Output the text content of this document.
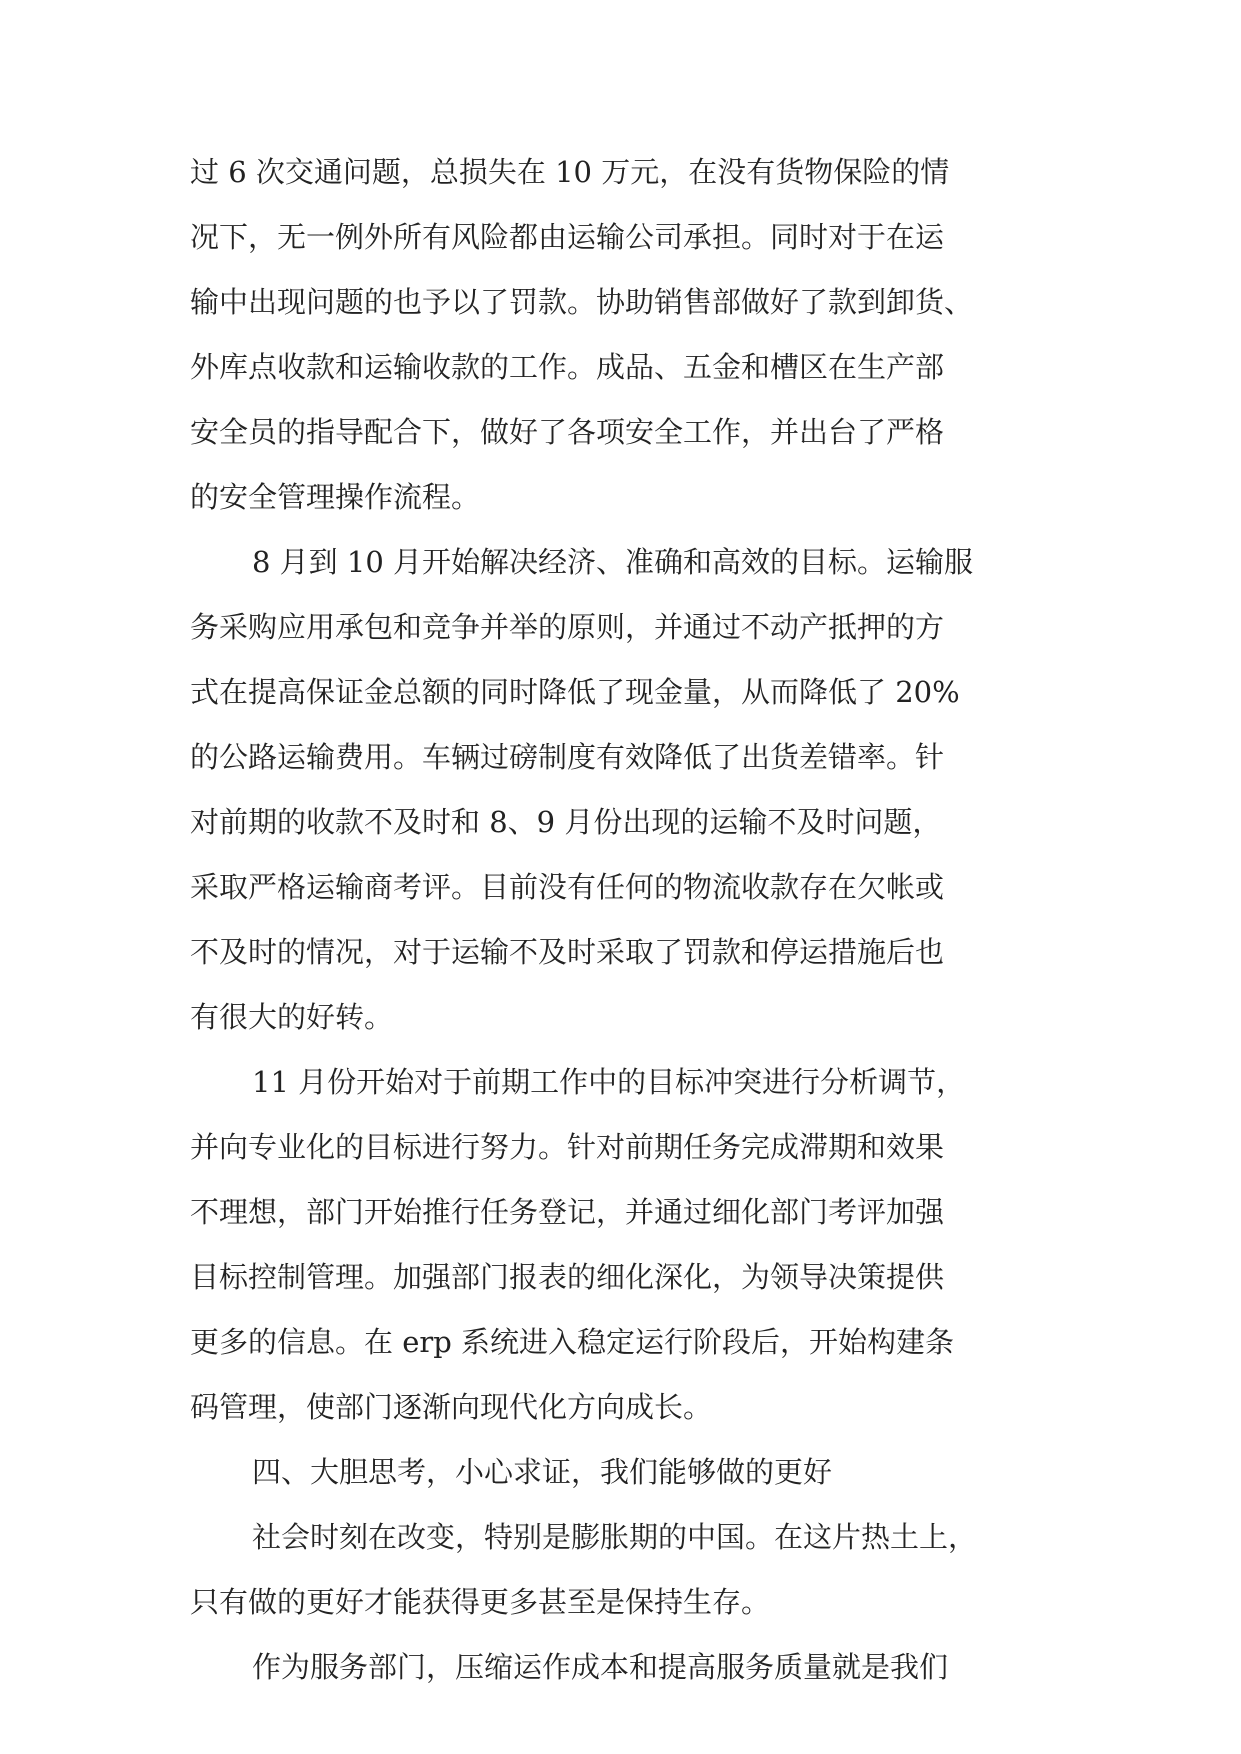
过 6 次交通问题，总损失在 10 万元，在没有货物保险的情

况下，无一例外所有风险都由运输公司承担。同时对于在运

输中出现问题的也予以了罚款。协助销售部做好了款到卸货、

外库点收款和运输收款的工作。成品、五金和槽区在生产部

安全员的指导配合下，做好了各项安全工作，并出台了严格

的安全管理操作流程。

8 月到 10 月开始解决经济、准确和高效的目标。运输服

务采购应用承包和竞争并举的原则，并通过不动产抵押的方

式在提高保证金总额的同时降低了现金量，从而降低了 20%

的公路运输费用。车辆过磅制度有效降低了出货差错率。针

对前期的收款不及时和 8、9 月份出现的运输不及时问题，

采取严格运输商考评。目前没有任何的物流收款存在欠帐或

不及时的情况，对于运输不及时采取了罚款和停运措施后也

有很大的好转。

11 月份开始对于前期工作中的目标冲突进行分析调节，

并向专业化的目标进行努力。针对前期任务完成滞期和效果

不理想，部门开始推行任务登记，并通过细化部门考评加强

目标控制管理。加强部门报表的细化深化，为领导决策提供

更多的信息。在 erp 系统进入稳定运行阶段后，开始构建条

码管理，使部门逐渐向现代化方向成长。

四、大胆思考，小心求证，我们能够做的更好

社会时刻在改变，特别是膨胀期的中国。在这片热土上，

只有做的更好才能获得更多甚至是保持生存。

作为服务部门，压缩运作成本和提高服务质量就是我们
